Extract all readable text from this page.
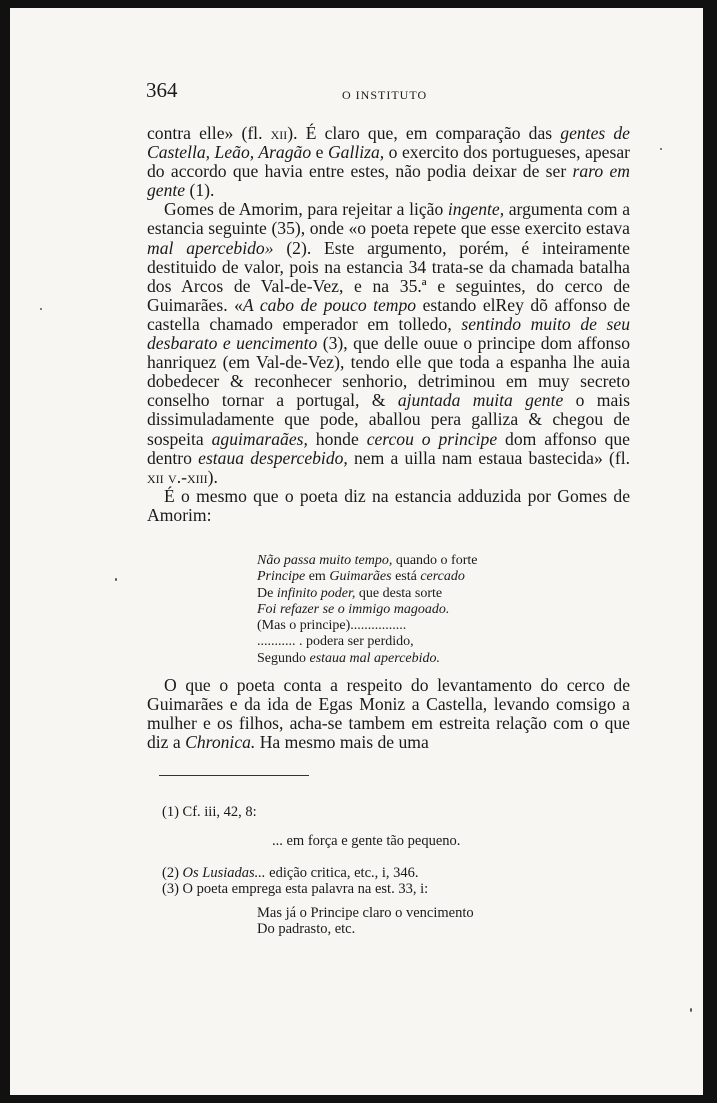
364	O INSTITUTO

contra elle» (fl. xii). É claro que, em comparação das gentes de Castella, Leão, Aragão e Galliza, o exercito dos portugueses, apesar do accordo que havia entre estes, não podia deixar de ser raro em gente (1).

Gomes de Amorim, para rejeitar a lição ingente, argumenta com a estancia seguinte (35), onde «o poeta repete que esse exercito estava mal apercebido» (2). Este argumento, porém, é inteiramente destituido de valor, pois na estancia 34 trata-se da chamada batalha dos Arcos de Val-de-Vez, e na 35.ª e seguintes, do cerco de Guimarães. «A cabo de pouco tempo estando elRey dõ affonso de castella chamado emperador em tolledo, sentindo muito de seu desbarato e uencimento (3), que delle ouue o principe dom affonso hanriquez (em Val-de-Vez), tendo elle que toda a espanha lhe auia dobedecer & reconhecer senhorio, detriminou em muy secreto conselho tornar a portugal, & ajuntada muita gente o mais dissimuladamente que pode, aballou pera galliza & chegou de sospeita aguimaraães, honde cercou o principe dom affonso que dentro estaua despercebido, nem a uilla nam estaua bastecida» (fl. xii v.-xiii).

É o mesmo que o poeta diz na estancia adduzida por Gomes de Amorim:

Não passa muito tempo, quando o forte
Principe em Guimarães está cercado
De infinito poder, que desta sorte
Foi refazer se o immigo magoado.
(Mas o principe)................
........... . podera ser perdido,
Segundo estaua mal apercebido.

O que o poeta conta a respeito do levantamento do cerco de Guimarães e da ida de Egas Moniz a Castella, levando comsigo a mulher e os filhos, acha-se tambem em estreita relação com o que diz a Chronica. Ha mesmo mais de uma

(1) Cf. iii, 42, 8:
... em força e gente tão pequeno.
(2) Os Lusiadas... edição critica, etc., i, 346.
(3) O poeta emprega esta palavra na est. 33, i:
Mas já o Principe claro o vencimento
Do padrasto, etc.
